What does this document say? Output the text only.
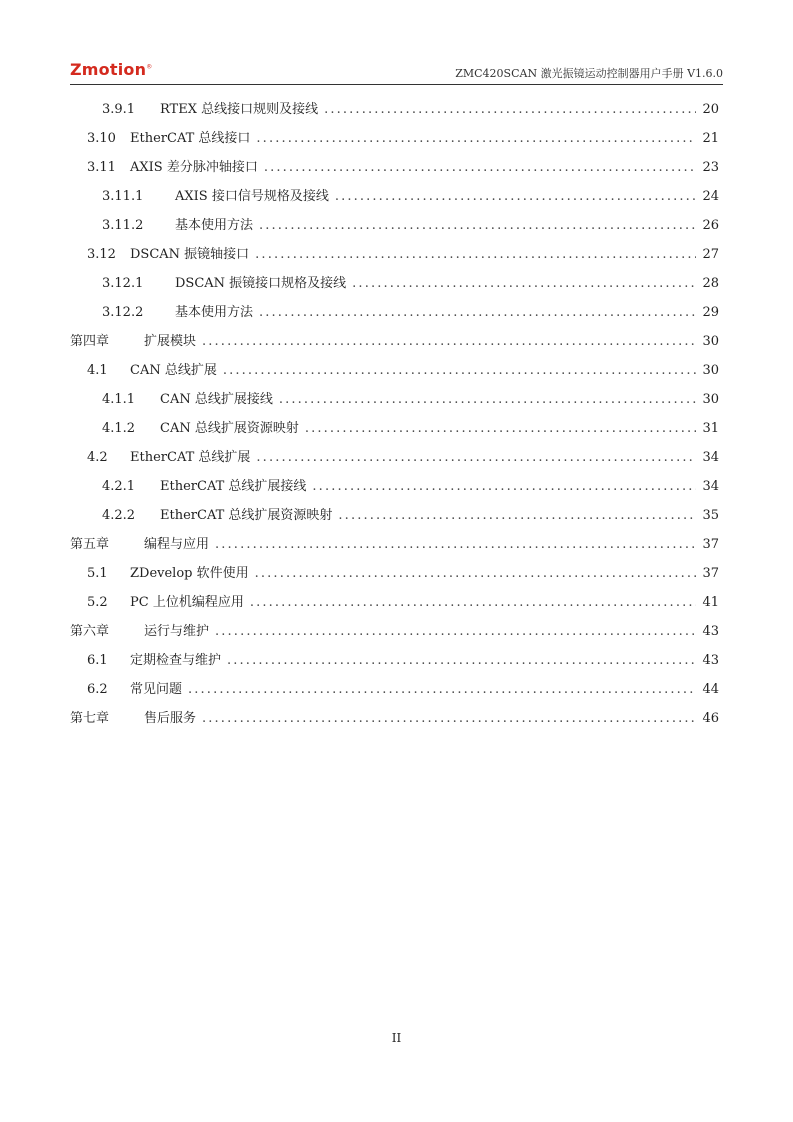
Zmotion®	ZMC420SCAN 激光振镜运动控制器用户手册 V1.6.0
3.9.1	RTEX 总线接口规则及接线 . . .	20
3.10	EtherCAT 总线接口 . . .	21
3.11	AXIS 差分脉冲轴接口 . . .	23
3.11.1	AXIS 接口信号规格及接线 . . .	24
3.11.2	基本使用方法 . . .	26
3.12	DSCAN 振镜轴接口 . . .	27
3.12.1	DSCAN 振镜接口规格及接线 . . .	28
3.12.2	基本使用方法 . . .	29
第四章	扩展模块 . . .	30
4.1	CAN 总线扩展 . . .	30
4.1.1	CAN 总线扩展接线 . . .	30
4.1.2	CAN 总线扩展资源映射 . . .	31
4.2	EtherCAT 总线扩展 . . .	34
4.2.1	EtherCAT 总线扩展接线 . . .	34
4.2.2	EtherCAT 总线扩展资源映射 . . .	35
第五章	编程与应用 . . .	37
5.1	ZDevelop 软件使用 . . .	37
5.2	PC 上位机编程应用 . . .	41
第六章	运行与维护 . . .	43
6.1	定期检查与维护 . . .	43
6.2	常见问题 . . .	44
第七章	售后服务 . . .	46
II
